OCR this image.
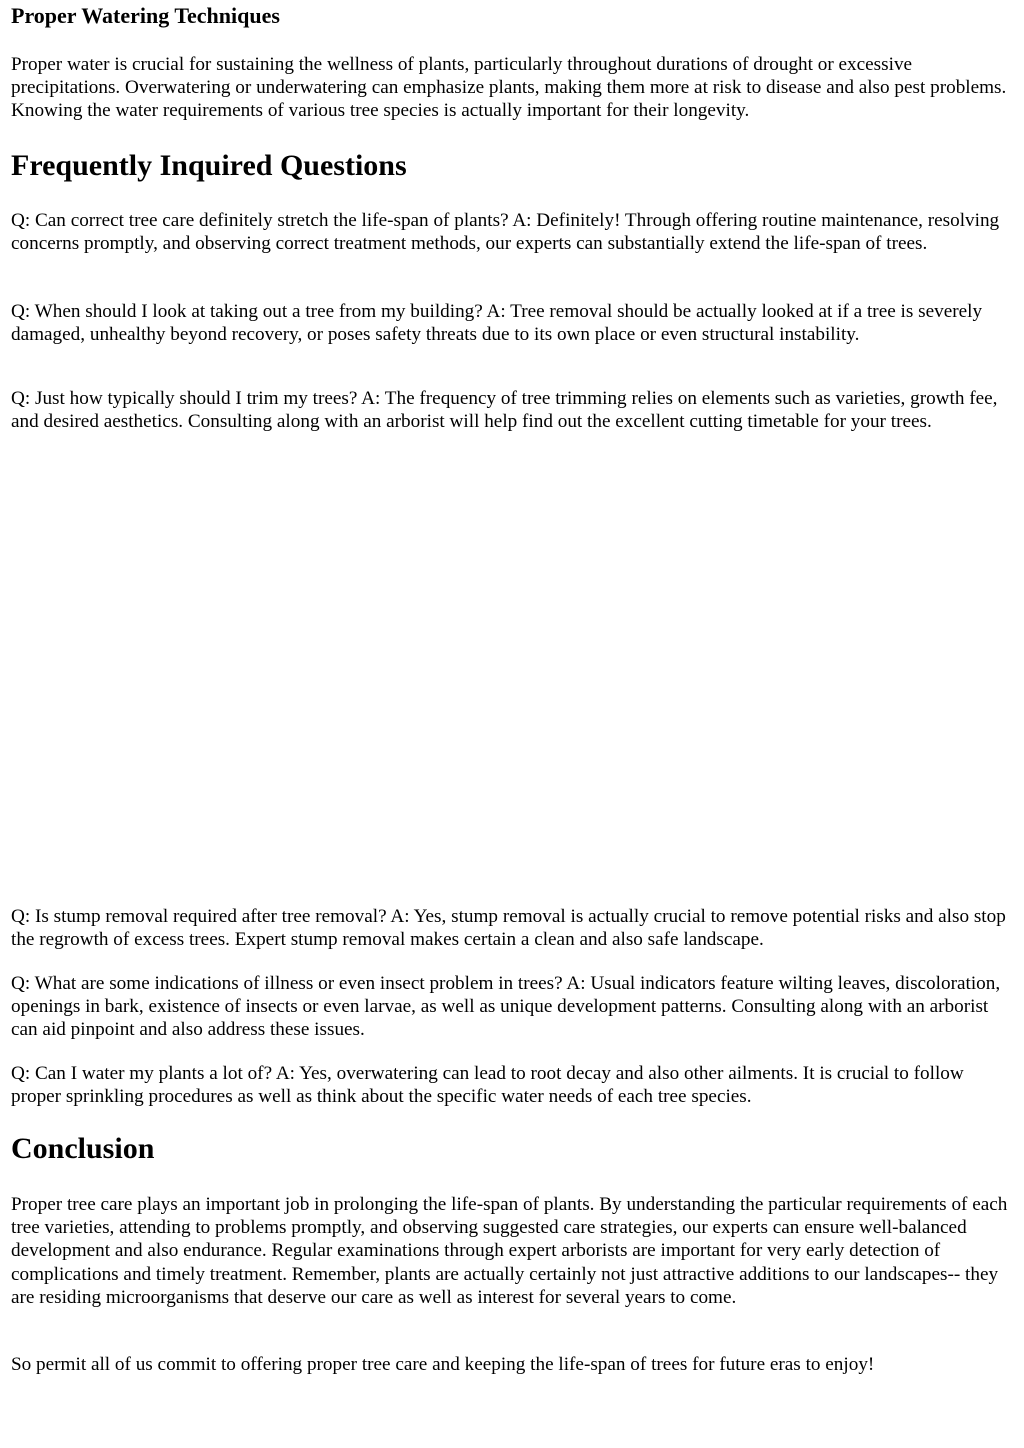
Proper Watering Techniques

Proper water is crucial for sustaining the wellness of plants, particularly throughout durations of drought or excessive precipitations. Overwatering or underwatering can emphasize plants, making them more at risk to disease and also pest problems. Knowing the water requirements of various tree species is actually important for their longevity.

Frequently Inquired Questions

Q: Can correct tree care definitely stretch the life-span of plants? A: Definitely! Through offering routine maintenance, resolving concerns promptly, and observing correct treatment methods, our experts can substantially extend the life-span of trees.

Q: When should I look at taking out a tree from my building? A: Tree removal should be actually looked at if a tree is severely damaged, unhealthy beyond recovery, or poses safety threats due to its own place or even structural instability.

Q: Just how typically should I trim my trees? A: The frequency of tree trimming relies on elements such as varieties, growth fee, and desired aesthetics. Consulting along with an arborist will help find out the excellent cutting timetable for your trees.

Q: Is stump removal required after tree removal? A: Yes, stump removal is actually crucial to remove potential risks and also stop the regrowth of excess trees. Expert stump removal makes certain a clean and also safe landscape.

Q: What are some indications of illness or even insect problem in trees? A: Usual indicators feature wilting leaves, discoloration, openings in bark, existence of insects or even larvae, as well as unique development patterns. Consulting along with an arborist can aid pinpoint and also address these issues.

Q: Can I water my plants a lot of? A: Yes, overwatering can lead to root decay and also other ailments. It is crucial to follow proper sprinkling procedures as well as think about the specific water needs of each tree species.

Conclusion

Proper tree care plays an important job in prolonging the life-span of plants. By understanding the particular requirements of each tree varieties, attending to problems promptly, and observing suggested care strategies, our experts can ensure well-balanced development and also endurance. Regular examinations through expert arborists are important for very early detection of complications and timely treatment. Remember, plants are actually certainly not just attractive additions to our landscapes-- they are residing microorganisms that deserve our care as well as interest for several years to come.

So permit all of us commit to offering proper tree care and keeping the life-span of trees for future eras to enjoy!
